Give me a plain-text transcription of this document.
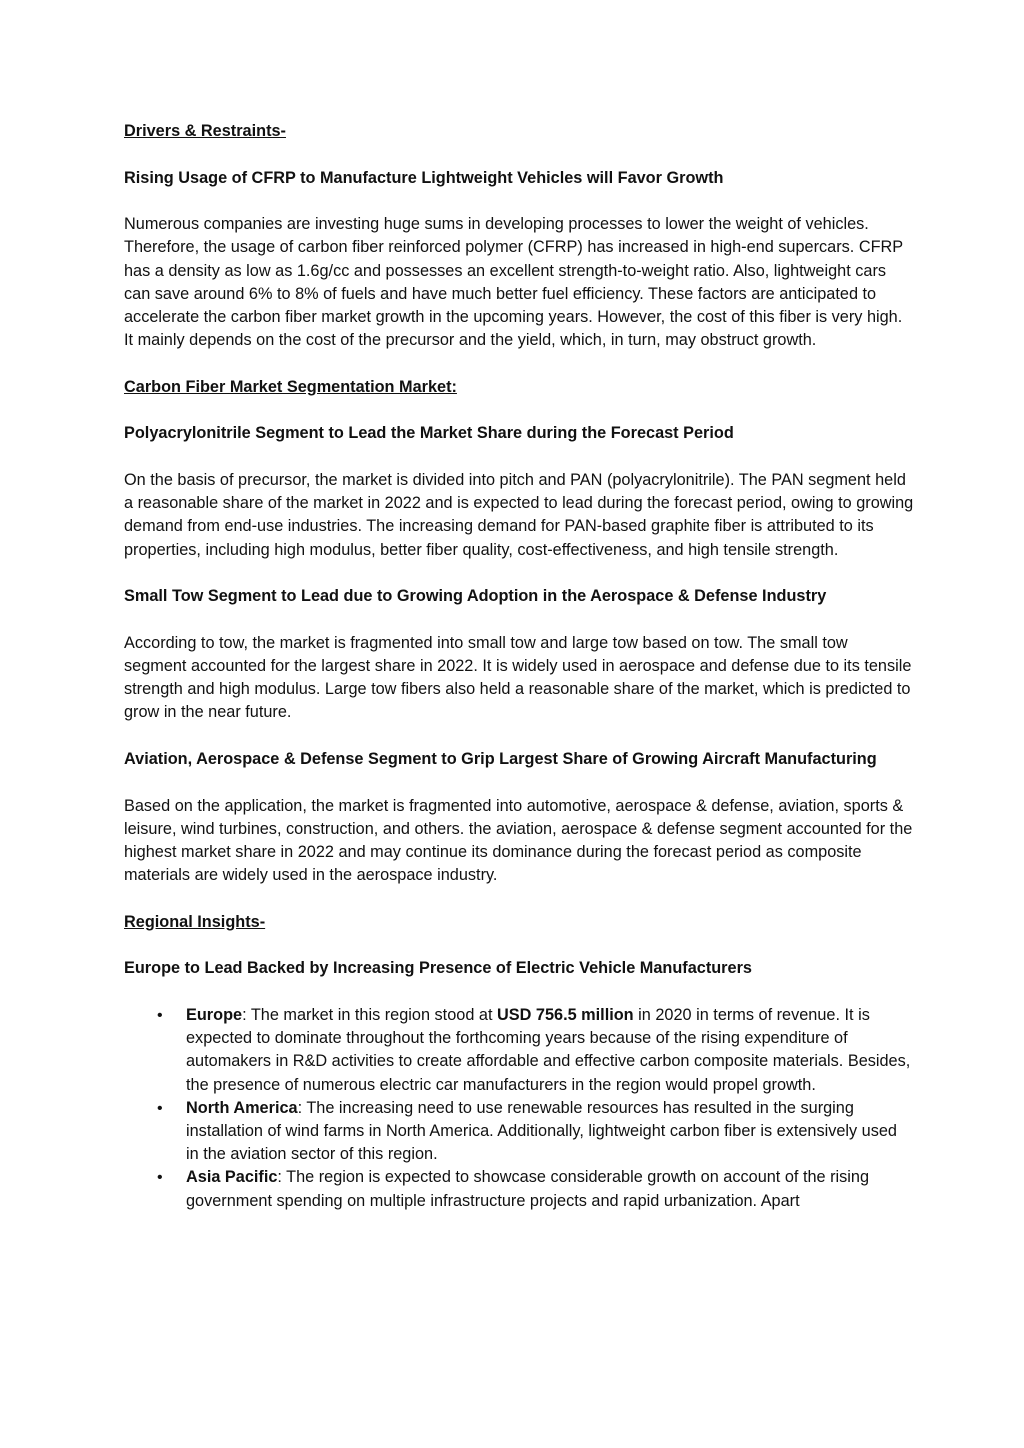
Drivers & Restraints-

Rising Usage of CFRP to Manufacture Lightweight Vehicles will Favor Growth

Numerous companies are investing huge sums in developing processes to lower the weight of vehicles. Therefore, the usage of carbon fiber reinforced polymer (CFRP) has increased in high-end supercars. CFRP has a density as low as 1.6g/cc and possesses an excellent strength-to-weight ratio. Also, lightweight cars can save around 6% to 8% of fuels and have much better fuel efficiency. These factors are anticipated to accelerate the carbon fiber market growth in the upcoming years. However, the cost of this fiber is very high. It mainly depends on the cost of the precursor and the yield, which, in turn, may obstruct growth.

Carbon Fiber Market Segmentation Market:

Polyacrylonitrile Segment to Lead the Market Share during the Forecast Period

On the basis of precursor, the market is divided into pitch and PAN (polyacrylonitrile). The PAN segment held a reasonable share of the market in 2022 and is expected to lead during the forecast period, owing to growing demand from end-use industries. The increasing demand for PAN-based graphite fiber is attributed to its properties, including high modulus, better fiber quality, cost-effectiveness, and high tensile strength.

Small Tow Segment to Lead due to Growing Adoption in the Aerospace & Defense Industry

According to tow, the market is fragmented into small tow and large tow based on tow. The small tow segment accounted for the largest share in 2022. It is widely used in aerospace and defense due to its tensile strength and high modulus. Large tow fibers also held a reasonable share of the market, which is predicted to grow in the near future.

Aviation, Aerospace & Defense Segment to Grip Largest Share of Growing Aircraft Manufacturing

Based on the application, the market is fragmented into automotive, aerospace & defense, aviation, sports & leisure, wind turbines, construction, and others. the aviation, aerospace & defense segment accounted for the highest market share in 2022 and may continue its dominance during the forecast period as composite materials are widely used in the aerospace industry.

Regional Insights-

Europe to Lead Backed by Increasing Presence of Electric Vehicle Manufacturers

• Europe: The market in this region stood at USD 756.5 million in 2020 in terms of revenue. It is expected to dominate throughout the forthcoming years because of the rising expenditure of automakers in R&D activities to create affordable and effective carbon composite materials. Besides, the presence of numerous electric car manufacturers in the region would propel growth.
• North America: The increasing need to use renewable resources has resulted in the surging installation of wind farms in North America. Additionally, lightweight carbon fiber is extensively used in the aviation sector of this region.
• Asia Pacific: The region is expected to showcase considerable growth on account of the rising government spending on multiple infrastructure projects and rapid urbanization. Apart
